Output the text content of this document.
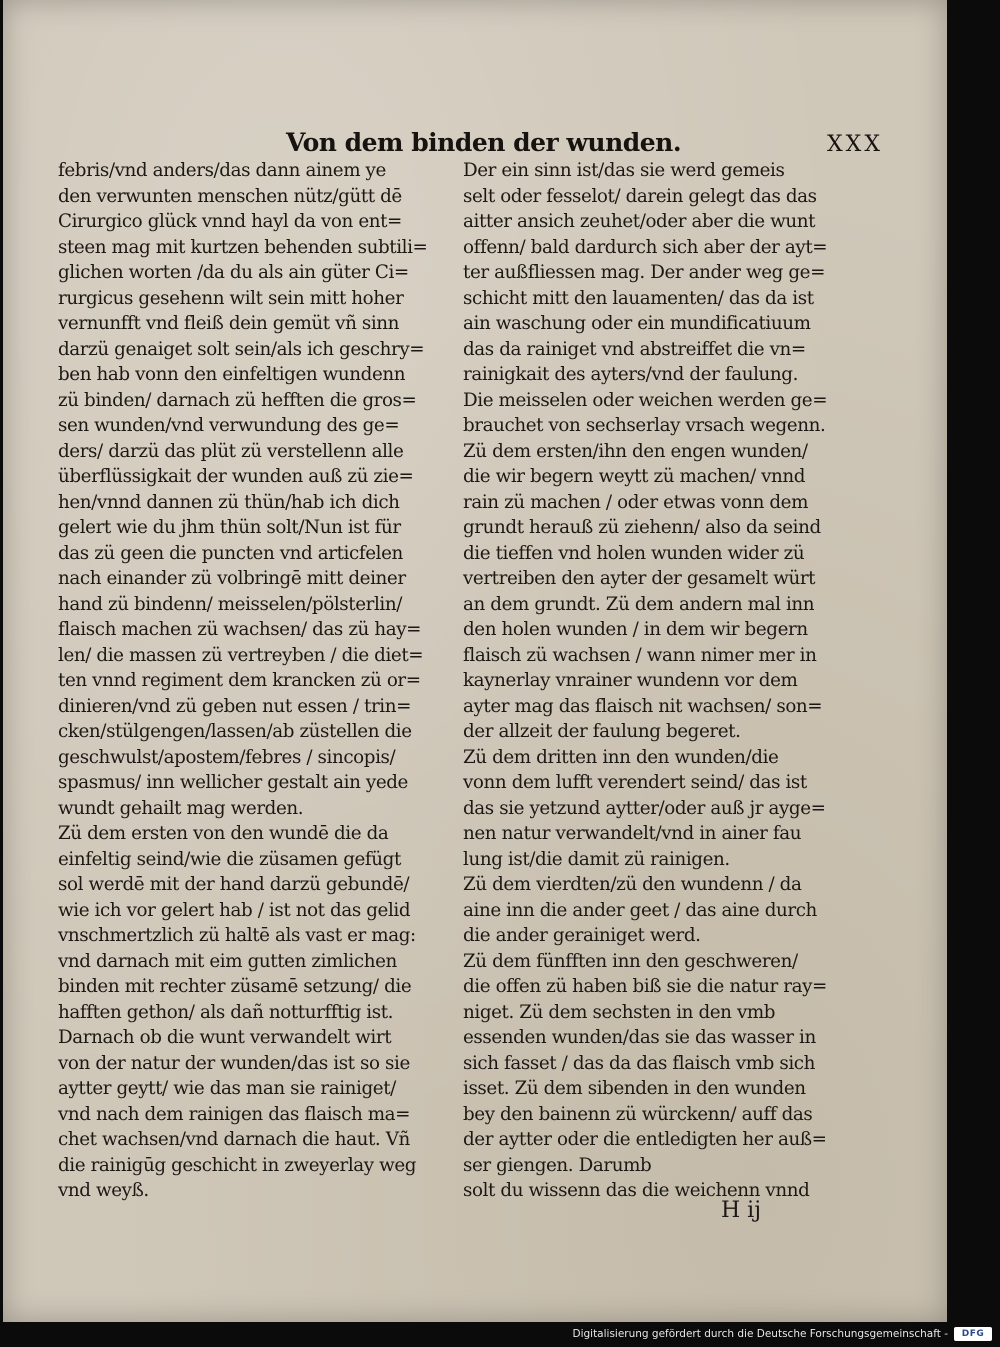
Von dem binden der wunden.	XXX
febris/vnd anders/das dann ainem ye
den verwunten menschen nütz/gütt dē
Cirurgico glück vnnd hayl da von ent=
steen mag mit kurtzen behenden subtili=
glichen worten /da du als ain güter Ci=
rurgicus gesehenn wilt sein mitt hoher
vernunfft vnd fleiß dein gemüt vñ sinn
darzü genaiget solt sein/als ich geschry=
ben hab vonn den einfeltigen wundenn
zü binden/ darnach zü hefften die gros=
sen wunden/vnd verwundung des ge=
ders/ darzü das plüt zü verstellenn alle
überflüssigkait der wunden auß zü zie=
hen/vnnd dannen zü thün/hab ich dich
gelert wie du jhm thün solt/Nun ist für
das zü geen die puncten vnd articfelen
nach einander zü volbringē mitt deiner
hand zü bindenn/ meisselen/pölsterlin/
flaisch machen zü wachsen/ das zü hay=
len/ die massen zü vertreyben / die diet=
ten vnnd regiment dem krancken zü or=
dinieren/vnd zü geben nut essen / trin=
cken/stülgengen/lassen/ab züstellen die
geschwulst/apostem/febres / sincopis/
spasmus/ inn wellicher gestalt ain yede
wundt gehailt mag werden.
Zü dem ersten von den wundē die da
einfeltig seind/wie die züsamen gefügt
sol werdē mit der hand darzü gebundē/
wie ich vor gelert hab / ist not das gelid
vnschmertzlich zü haltē als vast er mag:
vnd darnach mit eim gutten zimlichen
binden mit rechter züsamē setzung/ die
hafften gethon/ als dañ notturfftig ist.
Darnach ob die wunt verwandelt wirt
von der natur der wunden/das ist so sie
aytter geytt/ wie das man sie rainiget/
vnd nach dem rainigen das flaisch ma=
chet wachsen/vnd darnach die haut. Vñ
die rainigūg geschicht in zweyerlay weg
vnd weyß.
Der ein sinn ist/das sie werd gemeis
selt oder fesselot/ darein gelegt das das
aitter ansich zeuhet/oder aber die wunt
offenn/ bald dardurch sich aber der ayt=
ter außfliessen mag. Der ander weg ge=
schicht mitt den lauamenten/ das da ist
ain waschung oder ein mundificatiuum
das da rainiget vnd abstreiffet die vn=
rainigkait des ayters/vnd der faulung.
Die meisselen oder weichen werden ge=
brauchet von sechserlay vrsach wegenn.
Zü dem ersten/ihn den engen wunden/
die wir begern weytt zü machen/ vnnd
rain zü machen / oder etwas vonn dem
grundt herauß zü ziehenn/ also da seind
die tieffen vnd holen wunden wider zü
vertreiben den ayter der gesamelt würt
an dem grundt. Zü dem andern mal inn
den holen wunden / in dem wir begern
flaisch zü wachsen / wann nimer mer in
kaynerlay vnrainer wundenn vor dem
ayter mag das flaisch nit wachsen/ son=
der allzeit der faulung begeret.
Zü dem dritten inn den wunden/die
vonn dem lufft verendert seind/ das ist
das sie yetzund aytter/oder auß jr ayge=
nen natur verwandelt/vnd in ainer fau
lung ist/die damit zü rainigen.
Zü dem vierdten/zü den wundenn / da
aine inn die ander geet / das aine durch
die ander gerainiget werd.
Zü dem fünfften inn den geschweren/
die offen zü haben biß sie die natur ray=
niget. Zü dem sechsten in den vmb
essenden wunden/das sie das wasser in
sich fasset / das da das flaisch vmb sich
isset. Zü dem sibenden in den wunden
bey den bainenn zü würckenn/ auff das
der aytter oder die entledigten her auß=
ser giengen. Darumb
solt du wissenn das die weichenn vnnd
H ij
Digitalisierung gefördert durch die Deutsche Forschungsgemeinschaft -	DFG
